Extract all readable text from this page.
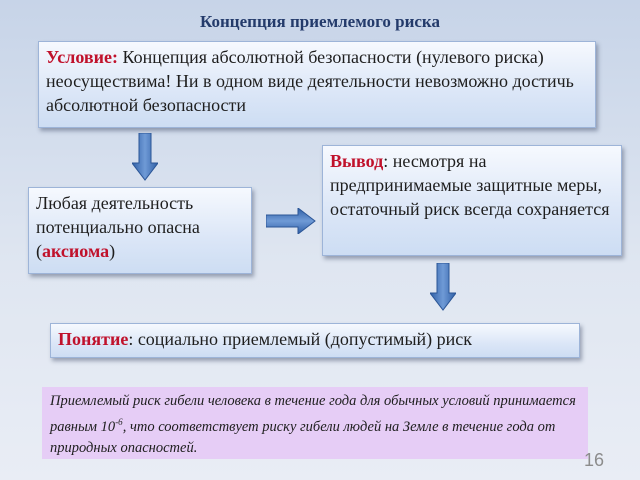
Концепция приемлемого риска
Условие: Концепция абсолютной безопасности (нулевого риска) неосуществима! Ни в одном виде деятельности невозможно достичь абсолютной безопасности
Любая деятельность потенциально опасна (аксиома)
Вывод: несмотря на предпринимаемые защитные меры, остаточный риск всегда сохраняется
Понятие: социально приемлемый (допустимый) риск
Приемлемый риск гибели человека в течение года для обычных условий принимается равным $10^{-6}$, что соответствует риску гибели людей на Земле в течение года от природных опасностей.
16
